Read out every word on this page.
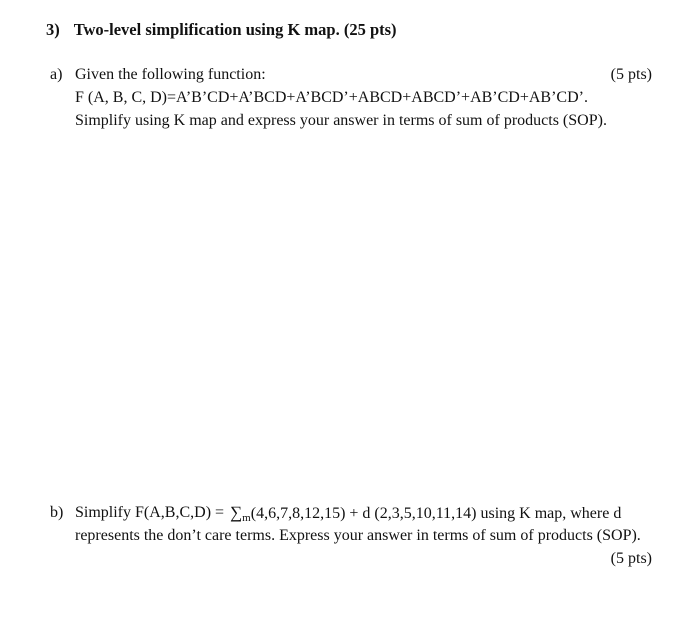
3) Two-level simplification using K map. (25 pts)
a) Given the following function:	(5 pts)
F (A, B, C, D)=A’B’CD+A’BCD+A’BCD’+ABCD+ABCD’+AB’CD+AB’CD’.
Simplify using K map and express your answer in terms of sum of products (SOP).
b) Simplify $F(A,B,C,D) = \sum_m(4,6,7,8,12,15) + d$ (2,3,5,10,11,14) using K map, where d
represents the don’t care terms. Express your answer in terms of sum of products (SOP).
(5 pts)
